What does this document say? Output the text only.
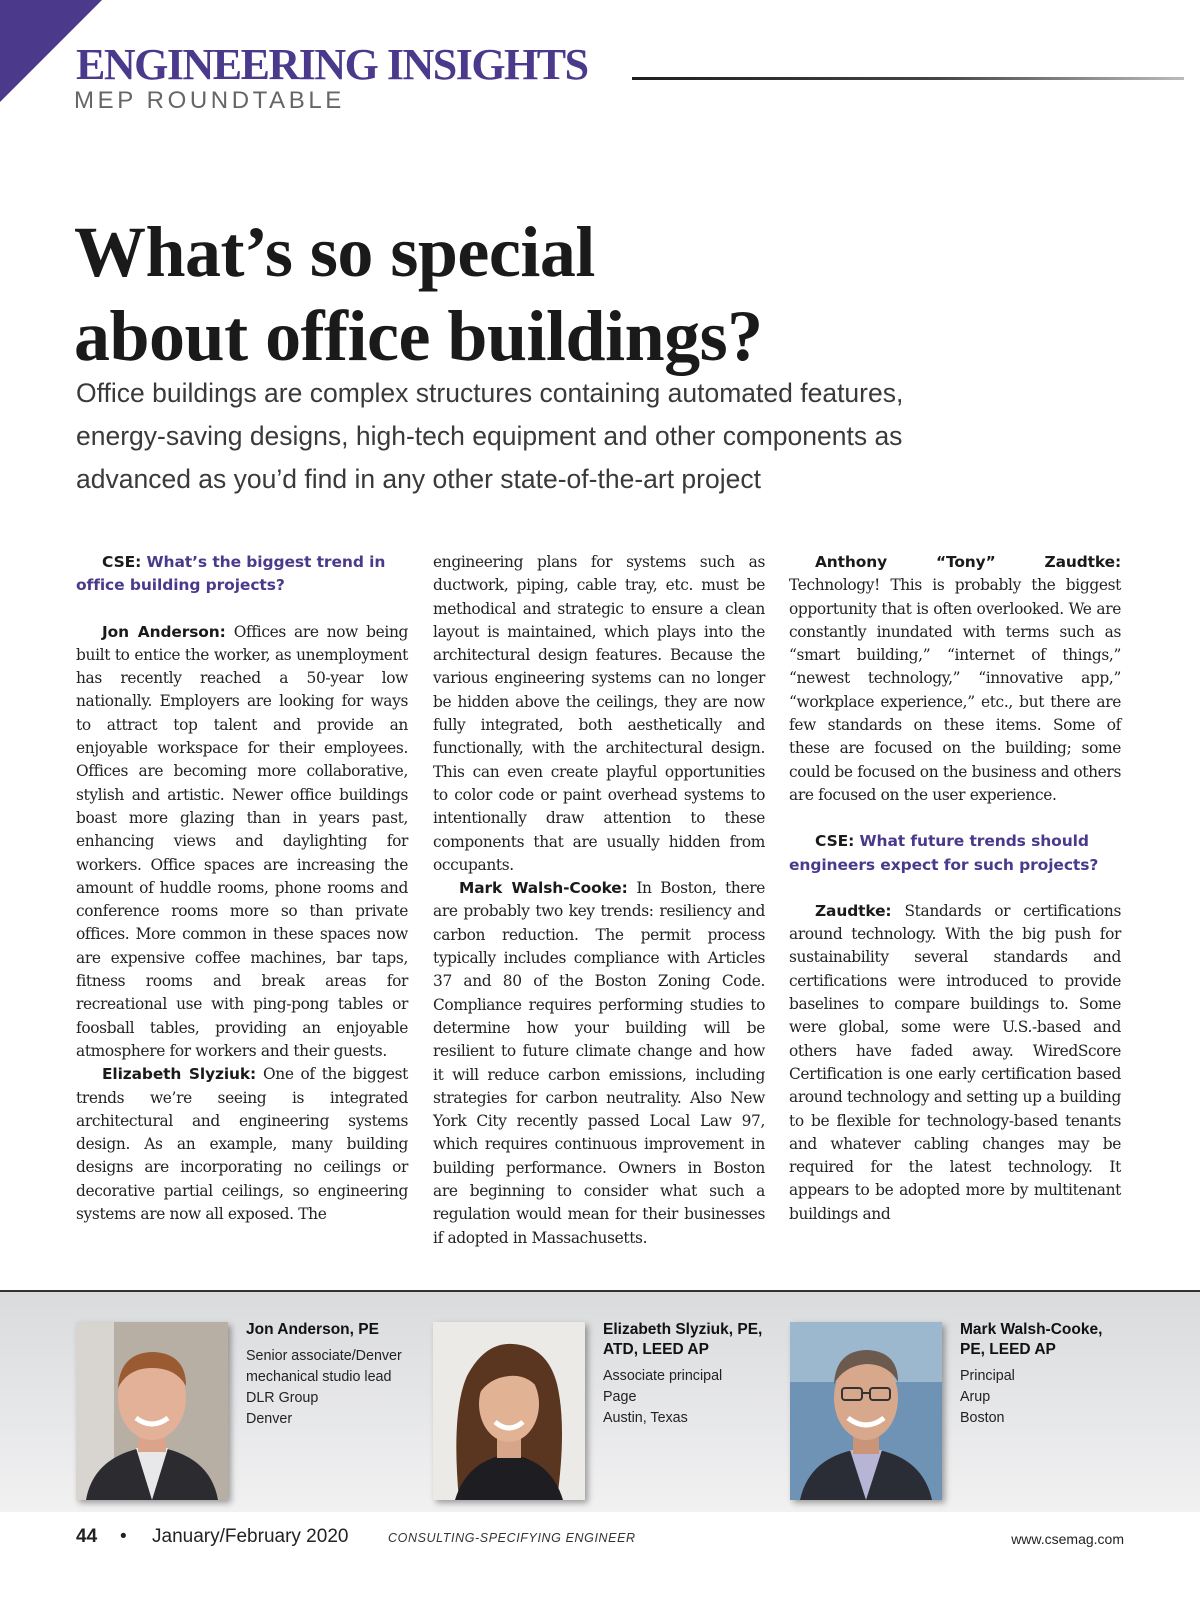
ENGINEERING INSIGHTS
MEP ROUNDTABLE
What’s so special
about office buildings?

Office buildings are complex structures containing automated features,
energy-saving designs, high-tech equipment and other components as
advanced as you’d find in any other state-of-the-art project

CSE: What’s the biggest trend in office building projects?

Jon Anderson: Offices are now being built to entice the worker, as unemployment has recently reached a 50-year low nationally. Employers are looking for ways to attract top talent and provide an enjoyable workspace for their employees. Offices are becoming more collaborative, stylish and artistic. Newer office buildings boast more glazing than in years past, enhancing views and daylighting for workers. Office spaces are increasing the amount of huddle rooms, phone rooms and conference rooms more so than private offices. More common in these spaces now are expensive coffee machines, bar taps, fitness rooms and break areas for recreational use with ping-pong tables or foosball tables, providing an enjoyable atmosphere for workers and their guests.

Elizabeth Slyziuk: One of the biggest trends we’re seeing is integrated architectural and engineering systems design. As an example, many building designs are incorporating no ceilings or decorative partial ceilings, so engineering systems are now all exposed. The

engineering plans for systems such as ductwork, piping, cable tray, etc. must be methodical and strategic to ensure a clean layout is maintained, which plays into the architectural design features. Because the various engineering systems can no longer be hidden above the ceilings, they are now fully integrated, both aesthetically and functionally, with the architectural design. This can even create playful opportunities to color code or paint overhead systems to intentionally draw attention to these components that are usually hidden from occupants.

Mark Walsh-Cooke: In Boston, there are probably two key trends: resiliency and carbon reduction. The permit process typically includes compliance with Articles 37 and 80 of the Boston Zoning Code. Compliance requires performing studies to determine how your building will be resilient to future climate change and how it will reduce carbon emissions, including strategies for carbon neutrality. Also New York City recently passed Local Law 97, which requires continuous improvement in building performance. Owners in Boston are beginning to consider what such a regulation would mean for their businesses if adopted in Massachusetts.

Anthony “Tony” Zaudtke: Technology! This is probably the biggest opportunity that is often overlooked. We are constantly inundated with terms such as “smart building,” “internet of things,” “newest technology,” “innovative app,” “workplace experience,” etc., but there are few standards on these items. Some of these are focused on the building; some could be focused on the business and others are focused on the user experience.

CSE: What future trends should engineers expect for such projects?

Zaudtke: Standards or certifications around technology. With the big push for sustainability several standards and certifications were introduced to provide baselines to compare buildings to. Some were global, some were U.S.-based and others have faded away. WiredScore Certification is one early certification based around technology and setting up a building to be flexible for technology-based tenants and whatever cabling changes may be required for the latest technology. It appears to be adopted more by multitenant buildings and

Jon Anderson, PE
Senior associate/Denver
mechanical studio lead
DLR Group
Denver
Elizabeth Slyziuk, PE, ATD, LEED AP
Associate principal
Page
Austin, Texas
Mark Walsh-Cooke, PE, LEED AP
Principal
Arup
Boston
44 • January/February 2020	CONSULTING-SPECIFYING ENGINEER	www.csemag.com
